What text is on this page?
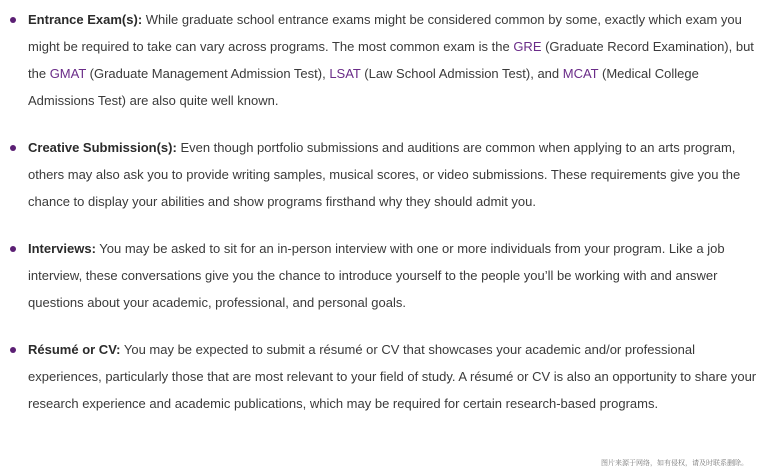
Entrance Exam(s): While graduate school entrance exams might be considered common by some, exactly which exam you might be required to take can vary across programs. The most common exam is the GRE (Graduate Record Examination), but the GMAT (Graduate Management Admission Test), LSAT (Law School Admission Test), and MCAT (Medical College Admissions Test) are also quite well known.
Creative Submission(s): Even though portfolio submissions and auditions are common when applying to an arts program, others may also ask you to provide writing samples, musical scores, or video submissions. These requirements give you the chance to display your abilities and show programs firsthand why they should admit you.
Interviews: You may be asked to sit for an in-person interview with one or more individuals from your program. Like a job interview, these conversations give you the chance to introduce yourself to the people you’ll be working with and answer questions about your academic, professional, and personal goals.
Résumé or CV: You may be expected to submit a résumé or CV that showcases your academic and/or professional experiences, particularly those that are most relevant to your field of study. A résumé or CV is also an opportunity to share your research experience and academic publications, which may be required for certain research-based programs.
图片来源于网络，如有侵权，请及时联系删除。
